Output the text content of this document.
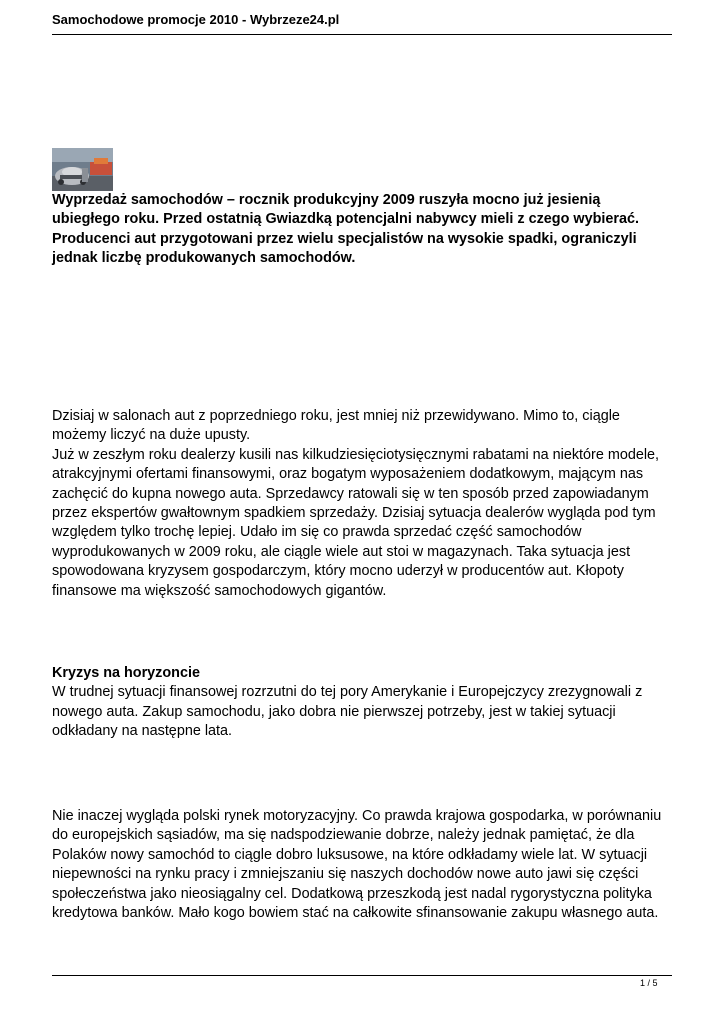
Samochodowe promocje 2010 - Wybrzeze24.pl
Wyprzedaż samochodów – rocznik produkcyjny 2009 ruszyła mocno już jesienią
ubiegłego roku. Przed ostatnią Gwiazdką potencjalni nabywcy mieli z czego wybierać.
Producenci aut przygotowani przez wielu specjalistów na wysokie spadki, ograniczyli
jednak liczbę produkowanych samochodów.
Dzisiaj w salonach aut z poprzedniego roku, jest mniej niż przewidywano. Mimo to, ciągle
możemy liczyć na duże upusty.
Już w zeszłym roku dealerzy kusili nas kilkudziesięciotysięcznymi rabatami na niektóre modele,
atrakcyjnymi ofertami finansowymi, oraz bogatym wyposażeniem dodatkowym, mającym nas
zachęcić do kupna nowego auta. Sprzedawcy ratowali się w ten sposób przed zapowiadanym
przez ekspertów gwałtownym spadkiem sprzedaży. Dzisiaj sytuacja dealerów wygląda pod tym
względem tylko trochę lepiej. Udało im się co prawda sprzedać część samochodów
wyprodukowanych w 2009 roku, ale ciągle wiele aut stoi w magazynach. Taka sytuacja jest
spowodowana kryzysem gospodarczym, który mocno uderzył w producentów aut. Kłopoty
finansowe ma większość samochodowych gigantów.
Kryzys na horyzoncie
W trudnej sytuacji finansowej rozrzutni do tej pory Amerykanie i Europejczycy zrezygnowali z
nowego auta. Zakup samochodu, jako dobra nie pierwszej potrzeby, jest w takiej sytuacji
odkładany na następne lata.
Nie inaczej wygląda polski rynek motoryzacyjny. Co prawda krajowa gospodarka, w porównaniu
do europejskich sąsiadów, ma się nadspodziewanie dobrze, należy jednak pamiętać, że dla
Polaków nowy samochód to ciągle dobro luksusowe, na które odkładamy wiele lat. W sytuacji
niepewności na rynku pracy i zmniejszaniu się naszych dochodów nowe auto jawi się części
społeczeństwa jako nieosiągalny cel. Dodatkową przeszkodą jest nadal rygorystyczna polityka
kredytowa banków. Mało kogo bowiem stać na całkowite sfinansowanie zakupu własnego auta.
1 / 5
